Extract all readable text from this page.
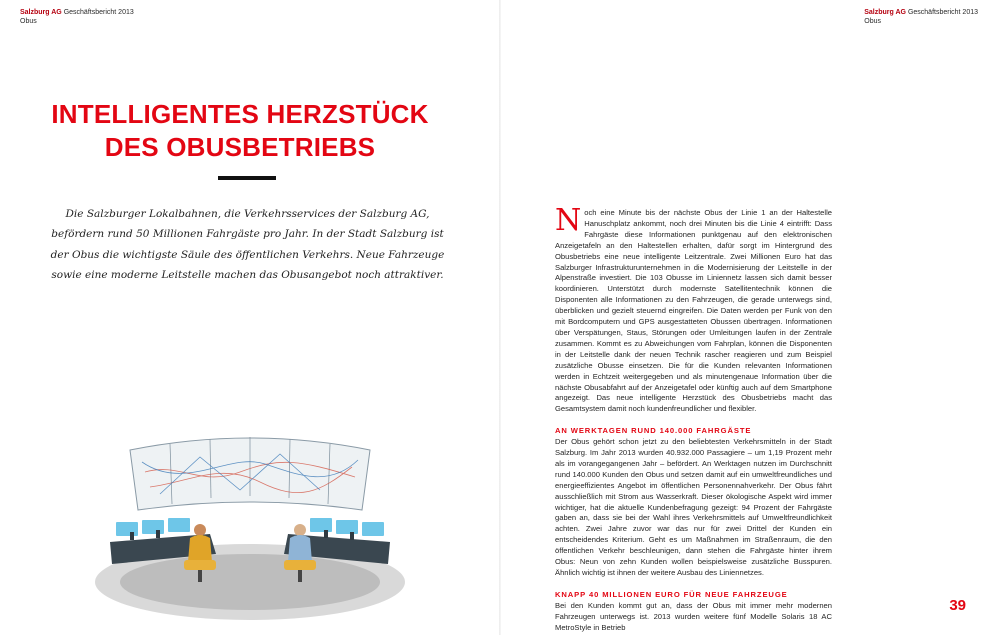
Salzburg AG Geschäftsbericht 2013
Obus
Salzburg AG Geschäftsbericht 2013
Obus
INTELLIGENTES HERZSTÜCK
DES OBUSBETRIEBS
Die Salzburger Lokalbahnen, die Verkehrsservices der Salzburg AG, befördern rund 50 Millionen Fahrgäste pro Jahr. In der Stadt Salzburg ist der Obus die wichtigste Säule des öffentlichen Verkehrs. Neue Fahrzeuge sowie eine moderne Leitstelle machen das Obusangebot noch attraktiver.

Noch eine Minute bis der nächste Obus der Linie 1 an der Haltestelle Hanuschplatz ankommt, noch drei Minuten bis die Linie 4 eintrifft: Dass Fahrgäste diese Informationen punktgenau auf den elektronischen Anzeigetafeln an den Haltestellen erhalten, dafür sorgt im Hintergrund des Obusbetriebs eine neue intelligente Leitzentrale. Zwei Millionen Euro hat das Salzburger Infrastrukturunternehmen in die Modernisierung der Leitstelle in der Alpenstraße investiert. Die 103 Obusse im Liniennetz lassen sich damit besser koordinieren. Unterstützt durch modernste Satellitentechnik können die Disponenten alle Informationen zu den Fahrzeugen, die gerade unterwegs sind, überblicken und gezielt steuernd eingreifen. Die Daten werden per Funk von den mit Bordcomputern und GPS ausgestatteten Obussen übertragen. Informationen über Verspätungen, Staus, Störungen oder Umleitungen laufen in der Zentrale zusammen. Kommt es zu Abweichungen vom Fahrplan, können die Disponenten in der Leitstelle dank der neuen Technik rascher reagieren und zum Beispiel zusätzliche Obusse einsetzen. Die für die Kunden relevanten Informationen werden in Echtzeit weitergegeben und als minutengenaue Information über die nächste Obusabfahrt auf der Anzeigetafel oder künftig auch auf dem Smartphone angezeigt. Das neue intelligente Herzstück des Obusbetriebs macht das Gesamtsystem damit noch kundenfreundlicher und flexibler.

AN WERKTAGEN RUND 140.000 FAHRGÄSTE

Der Obus gehört schon jetzt zu den beliebtesten Verkehrsmitteln in der Stadt Salzburg. Im Jahr 2013 wurden 40.932.000 Passagiere – um 1,19 Prozent mehr als im vorangegangenen Jahr – befördert. An Werktagen nutzen im Durchschnitt rund 140.000 Kunden den Obus und setzen damit auf ein umweltfreundliches und energieeffizientes Angebot im öffentlichen Personennahverkehr. Der Obus fährt ausschließlich mit Strom aus Wasserkraft. Dieser ökologische Aspekt wird immer wichtiger, hat die aktuelle Kundenbefragung gezeigt: 94 Prozent der Fahrgäste gaben an, dass sie bei der Wahl ihres Verkehrsmittels auf Umweltfreundlichkeit achten. Zwei Jahre zuvor war das nur für zwei Drittel der Kunden ein entscheidendes Kriterium. Geht es um Maßnahmen im Straßenraum, die den öffentlichen Verkehr beschleunigen, dann stehen die Fahrgäste hinter ihrem Obus: Neun von zehn Kunden wollen beispielsweise zusätzliche Busspuren. Ähnlich wichtig ist ihnen der weitere Ausbau des Liniennetzes.

KNAPP 40 MILLIONEN EURO FÜR NEUE FAHRZEUGE

Bei den Kunden kommt gut an, dass der Obus mit immer mehr modernen Fahrzeugen unterwegs ist. 2013 wurden weitere fünf Modelle Solaris 18 AC MetroStyle in Betrieb

39
